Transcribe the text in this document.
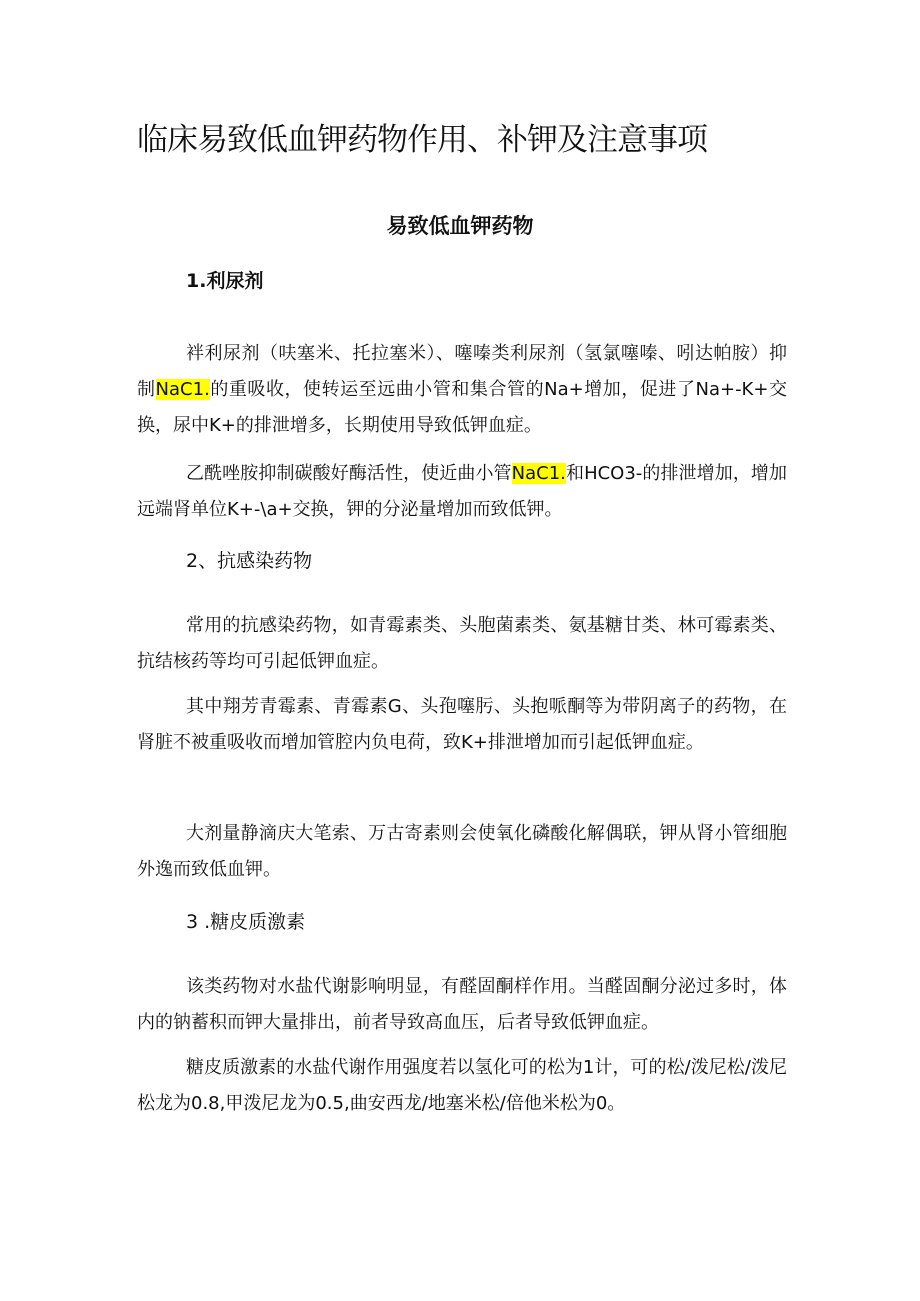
临床易致低血钾药物作用、补钾及注意事项
易致低血钾药物
1.利尿剂

袢利尿剂（呋塞米、托拉塞米）、噻嗪类利尿剂（氢氯噻嗪、吲达帕胺）抑制NaC1.的重吸收，使转运至远曲小管和集合管的Na+增加，促进了Na+-K+交换，尿中K+的排泄增多，长期使用导致低钾血症。

乙酰唑胺抑制碳酸好酶活性，使近曲小管NaC1.和HCO3-的排泄增加，增加远端肾单位K+-\a+交换，钾的分泌量增加而致低钾。

2、抗感染药物

常用的抗感染药物，如青霉素类、头胞菌素类、氨基糖甘类、林可霉素类、抗结核药等均可引起低钾血症。

其中翔芳青霉素、青霉素G、头孢噻肟、头抱哌酮等为带阴离子的药物，在肾脏不被重吸收而增加管腔内负电荷，致K+排泄增加而引起低钾血症。

大剂量静滴庆大笔索、万古寄素则会使氧化磷酸化解偶联，钾从肾小管细胞外逸而致低血钾。

3 .糖皮质激素

该类药物对水盐代谢影响明显，有醛固酮样作用。当醛固酮分泌过多时，体内的钠蓄积而钾大量排出，前者导致高血压，后者导致低钾血症。

糖皮质激素的水盐代谢作用强度若以氢化可的松为1计，可的松/泼尼松/泼尼松龙为0.8,甲泼尼龙为0.5,曲安西龙/地塞米松/倍他米松为0。
